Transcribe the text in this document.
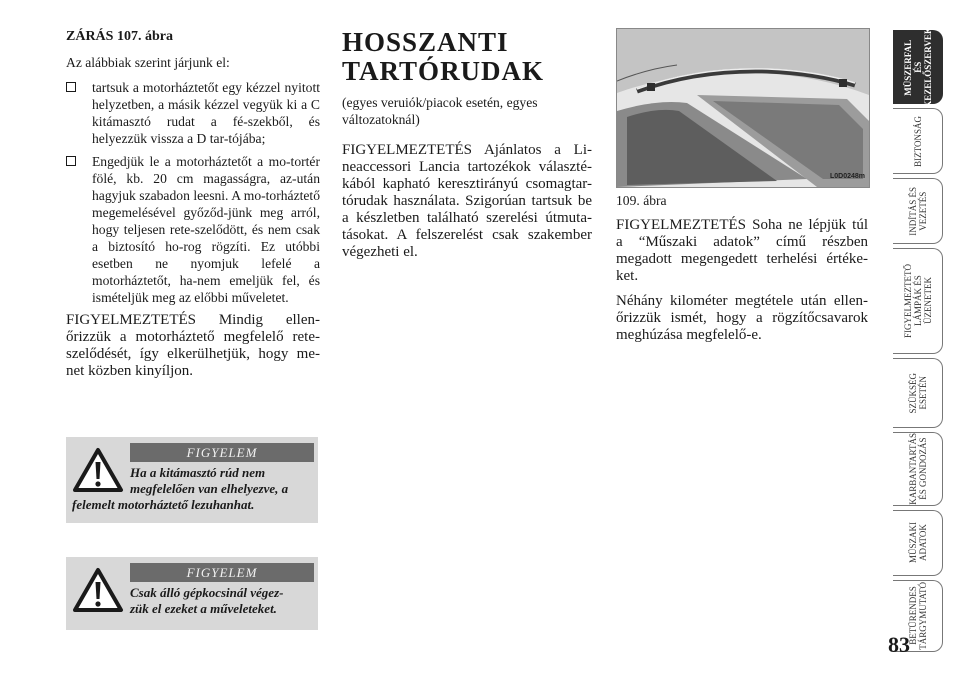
ZÁRÁS 107. ábra

Az alábbiak szerint járjunk el:

tartsuk a motorháztetőt egy kézzel nyitott helyzetben, a másik kézzel vegyük ki a C kitámasztó rudat a fé-szekből, és helyezzük vissza a D tar-tójába;
Engedjük le a motorháztetőt a mo-tortér fölé, kb. 20 cm magasságra, az-után hagyjuk szabadon leesni. A mo-torháztető megemelésével győződ-jünk meg arról, hogy teljesen rete-szelődött, és nem csak a biztosító ho-rog rögzíti. Ez utóbbi esetben ne nyomjuk lefelé a motorháztetőt, ha-nem emeljük fel, és ismételjük meg az előbbi műveletet.

FIGYELMEZTETÉS Mindig ellen-őrizzük a motorháztető megfelelő rete-szelődését, így elkerülhetjük, hogy me-net közben kinyíljon.

HOSSZANTI TARTÓRUDAK

(egyes veruiók/piacok esetén, egyes változatoknál)

FIGYELMEZTETÉS Ajánlatos a Li-neaccessori Lancia tartozékok választé-kából kapható keresztirányú csomagtar-tórudak használata. Szigorúan tartsuk be a készletben található szerelési útmuta-tásokat. A felszerelést csak szakember végezheti el.

L0D0248m
109. ábra

FIGYELMEZTETÉS Soha ne lépjük túl a “Műszaki adatok” című részben megadott megengedett terhelési értéke-ket.

Néhány kilométer megtétele után ellen-őrizzük ismét, hogy a rögzítőcsavarok meghúzása megfelelő-e.

FIGYELEM
Ha a kitámasztó rúd nem megfelelően van elhelyezve, a
felemelt motorháztető lezuhanhat.
FIGYELEM
Csak álló gépkocsinál végez-
zük el ezeket a műveleteket.
MŰSZERFAL
ÉS
KEZELŐSZERVEK
BIZTONSÁG
INDÍTÁS ÉS
VEZETÉS
FIGYELMEZTETŐ
LÁMPÁK ÉS
ÜZENETEK
SZÜKSÉG
ESETÉN
KARBANTARTÁS
ÉS GONDOZÁS
MŰSZAKI
ADATOK
BETŰRENDES
TÁRGYMUTATÓ
83
